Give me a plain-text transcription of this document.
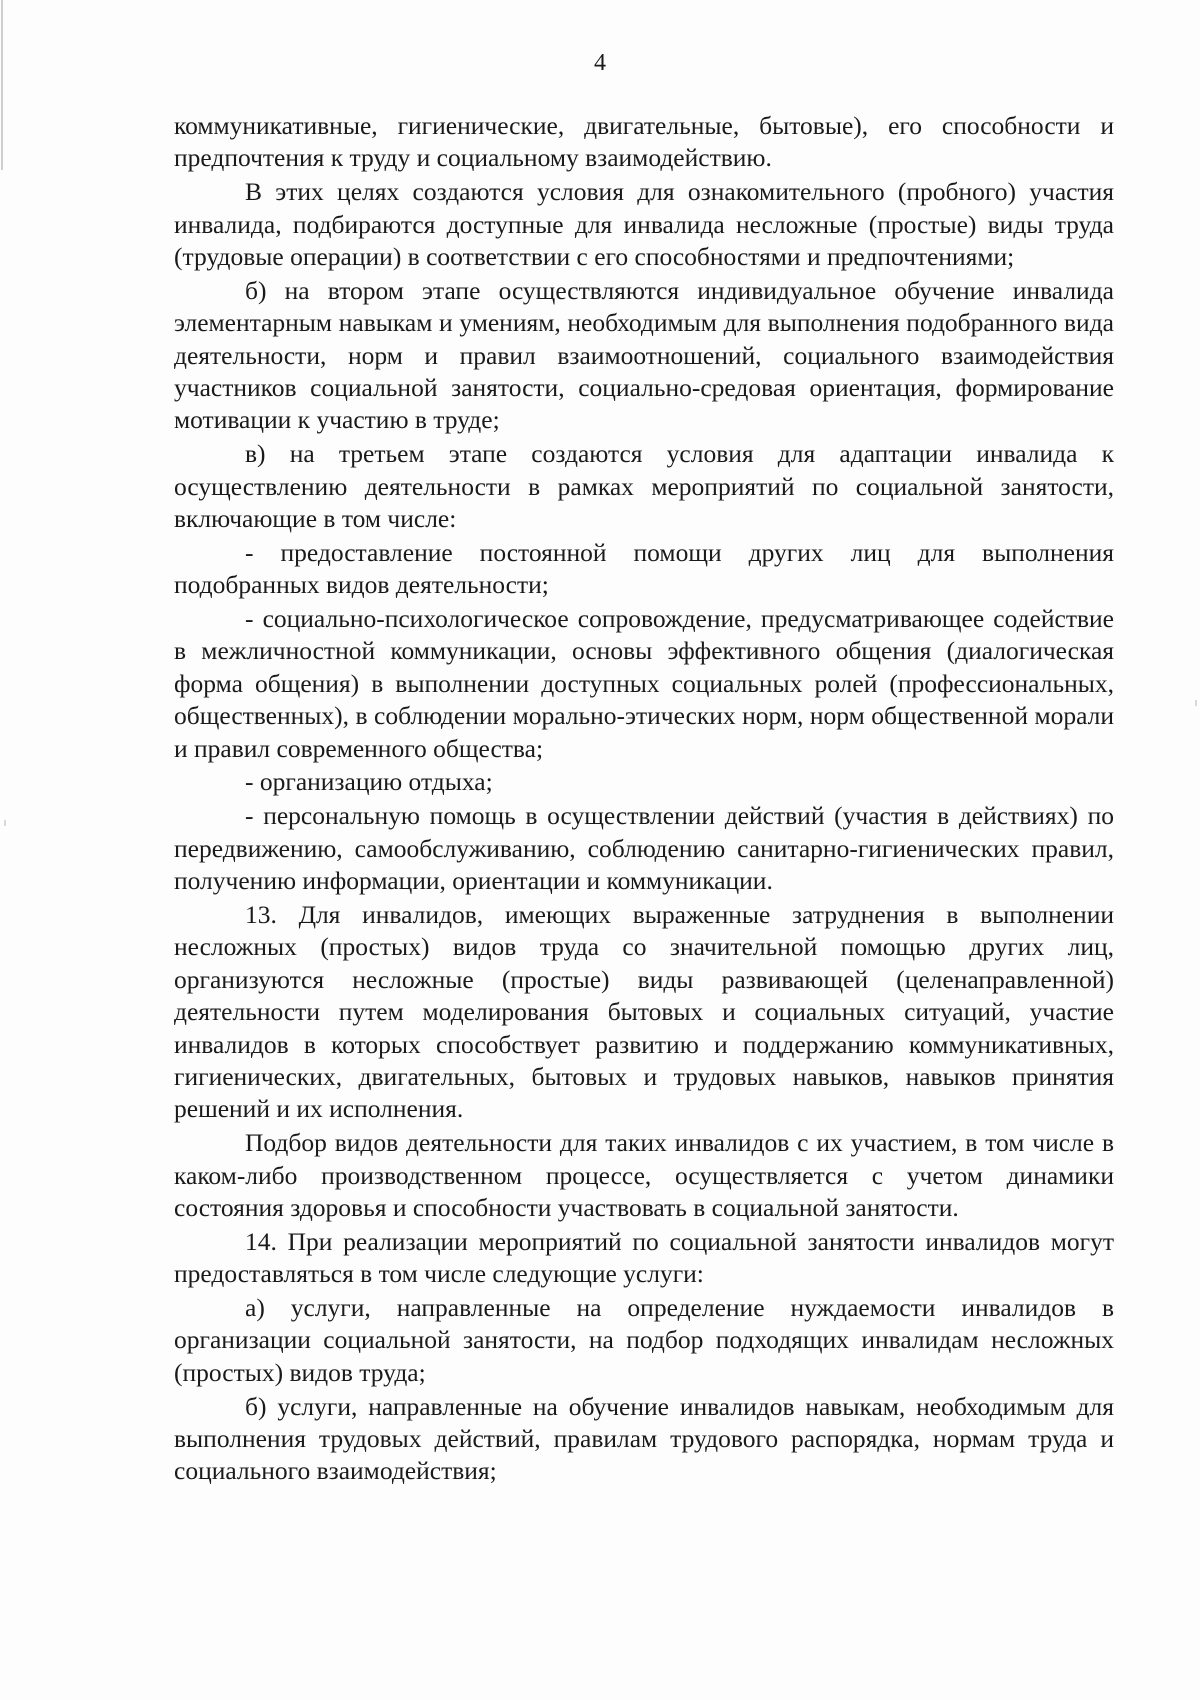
4

коммуникативные, гигиенические, двигательные, бытовые), его способности и предпочтения к труду и социальному взаимодействию.

В этих целях создаются условия для ознакомительного (пробного) участия инвалида, подбираются доступные для инвалида несложные (простые) виды труда (трудовые операции) в соответствии с его способностями и предпочтениями;

б) на втором этапе осуществляются индивидуальное обучение инвалида элементарным навыкам и умениям, необходимым для выполнения подобранного вида деятельности, норм и правил взаимоотношений, социального взаимодействия участников социальной занятости, социально-средовая ориентация, формирование мотивации к участию в труде;

в) на третьем этапе создаются условия для адаптации инвалида к осуществлению деятельности в рамках мероприятий по социальной занятости, включающие в том числе:

- предоставление постоянной помощи других лиц для выполнения подобранных видов деятельности;

- социально-психологическое сопровождение, предусматривающее содействие в межличностной коммуникации, основы эффективного общения (диалогическая форма общения) в выполнении доступных социальных ролей (профессиональных, общественных), в соблюдении морально-этических норм, норм общественной морали и правил современного общества;

- организацию отдыха;

- персональную помощь в осуществлении действий (участия в действиях) по передвижению, самообслуживанию, соблюдению санитарно-гигиенических правил, получению информации, ориентации и коммуникации.

13. Для инвалидов, имеющих выраженные затруднения в выполнении несложных (простых) видов труда со значительной помощью других лиц, организуются несложные (простые) виды развивающей (целенаправленной) деятельности путем моделирования бытовых и социальных ситуаций, участие инвалидов в которых способствует развитию и поддержанию коммуникативных, гигиенических, двигательных, бытовых и трудовых навыков, навыков принятия решений и их исполнения.

Подбор видов деятельности для таких инвалидов с их участием, в том числе в каком-либо производственном процессе, осуществляется с учетом динамики состояния здоровья и способности участвовать в социальной занятости.

14. При реализации мероприятий по социальной занятости инвалидов могут предоставляться в том числе следующие услуги:

а) услуги, направленные на определение нуждаемости инвалидов в организации социальной занятости, на подбор подходящих инвалидам несложных (простых) видов труда;

б) услуги, направленные на обучение инвалидов навыкам, необходимым для выполнения трудовых действий, правилам трудового распорядка, нормам труда и социального взаимодействия;
